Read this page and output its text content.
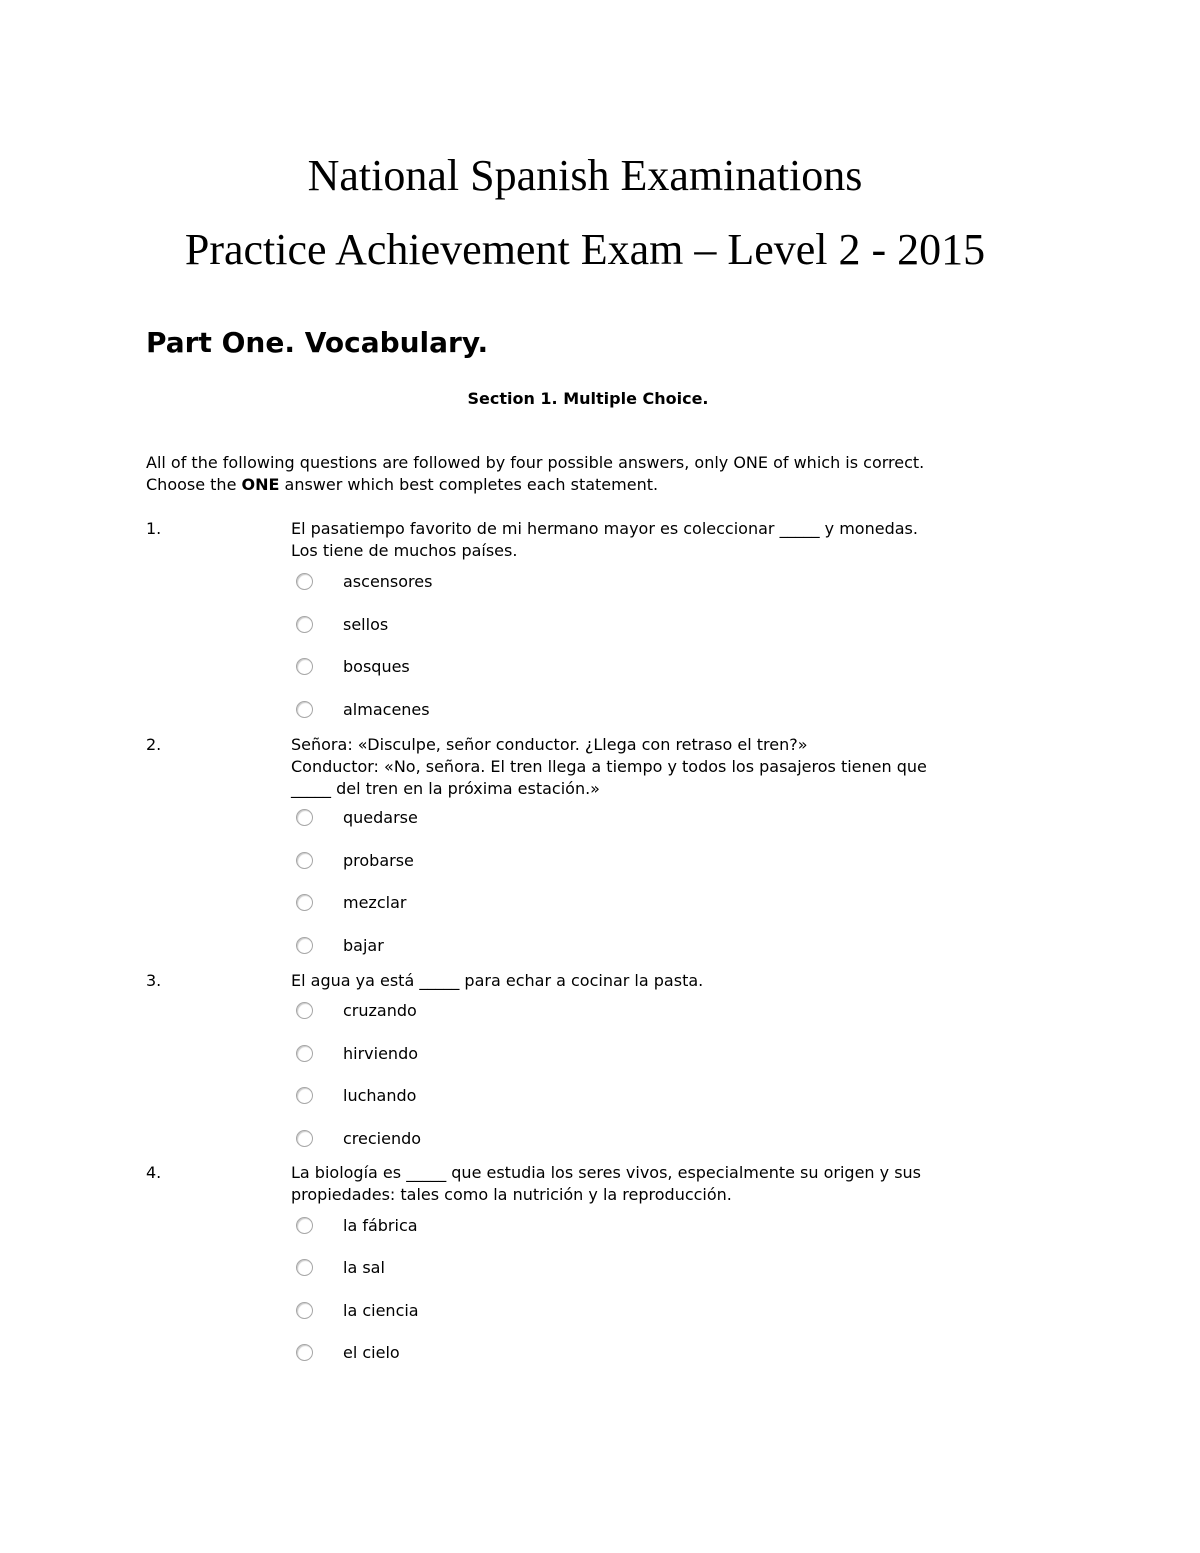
National Spanish Examinations
Practice Achievement Exam – Level 2 - 2015
Part One. Vocabulary.
Section 1. Multiple Choice.
All of the following questions are followed by four possible answers, only ONE of which is correct.
Choose the ONE answer which best completes each statement.
1.	El pasatiempo favorito de mi hermano mayor es coleccionar _____ y monedas.
Los tiene de muchos países.
ascensores
sellos
bosques
almacenes
2.	Señora: «Disculpe, señor conductor. ¿Llega con retraso el tren?»
Conductor: «No, señora. El tren llega a tiempo y todos los pasajeros tienen que
_____ del tren en la próxima estación.»
quedarse
probarse
mezclar
bajar
3.	El agua ya está _____ para echar a cocinar la pasta.
cruzando
hirviendo
luchando
creciendo
4.	La biología es _____ que estudia los seres vivos, especialmente su origen y sus
propiedades: tales como la nutrición y la reproducción.
la fábrica
la sal
la ciencia
el cielo
